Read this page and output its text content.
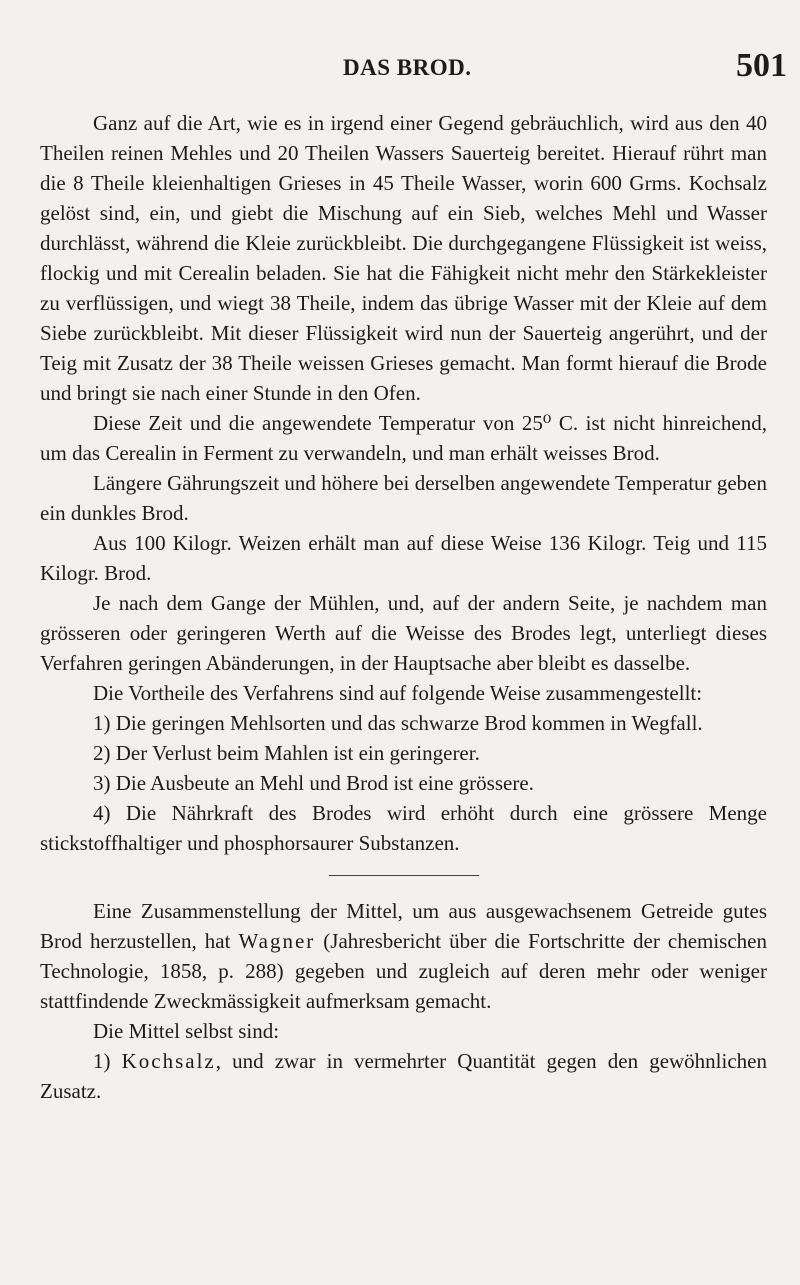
DAS BROD.	501

Ganz auf die Art, wie es in irgend einer Gegend gebräuchlich, wird aus den 40 Theilen reinen Mehles und 20 Theilen Wassers Sauerteig bereitet. Hierauf rührt man die 8 Theile kleienhaltigen Grieses in 45 Theile Wasser, worin 600 Grms. Kochsalz gelöst sind, ein, und giebt die Mischung auf ein Sieb, welches Mehl und Wasser durchlässt, während die Kleie zurückbleibt. Die durchgegangene Flüssigkeit ist weiss, flockig und mit Cerealin beladen. Sie hat die Fähigkeit nicht mehr den Stärkekleister zu verflüssigen, und wiegt 38 Theile, indem das übrige Wasser mit der Kleie auf dem Siebe zurückbleibt. Mit dieser Flüssigkeit wird nun der Sauerteig angerührt, und der Teig mit Zusatz der 38 Theile weissen Grieses gemacht. Man formt hierauf die Brode und bringt sie nach einer Stunde in den Ofen.

Diese Zeit und die angewendete Temperatur von 25⁰ C. ist nicht hinreichend, um das Cerealin in Ferment zu verwandeln, und man erhält weisses Brod.

Längere Gährungszeit und höhere bei derselben angewendete Temperatur geben ein dunkles Brod.

Aus 100 Kilogr. Weizen erhält man auf diese Weise 136 Kilogr. Teig und 115 Kilogr. Brod.

Je nach dem Gange der Mühlen, und, auf der andern Seite, je nachdem man grösseren oder geringeren Werth auf die Weisse des Brodes legt, unterliegt dieses Verfahren geringen Abänderungen, in der Hauptsache aber bleibt es dasselbe.

Die Vortheile des Verfahrens sind auf folgende Weise zusammengestellt:

1) Die geringen Mehlsorten und das schwarze Brod kommen in Wegfall.

2) Der Verlust beim Mahlen ist ein geringerer.

3) Die Ausbeute an Mehl und Brod ist eine grössere.

4) Die Nährkraft des Brodes wird erhöht durch eine grössere Menge stickstoffhaltiger und phosphorsaurer Substanzen.

Eine Zusammenstellung der Mittel, um aus ausgewachsenem Getreide gutes Brod herzustellen, hat Wagner (Jahresbericht über die Fortschritte der chemischen Technologie, 1858, p. 288) gegeben und zugleich auf deren mehr oder weniger stattfindende Zweckmässigkeit aufmerksam gemacht.

Die Mittel selbst sind:

1) Kochsalz, und zwar in vermehrter Quantität gegen den gewöhnlichen Zusatz.
